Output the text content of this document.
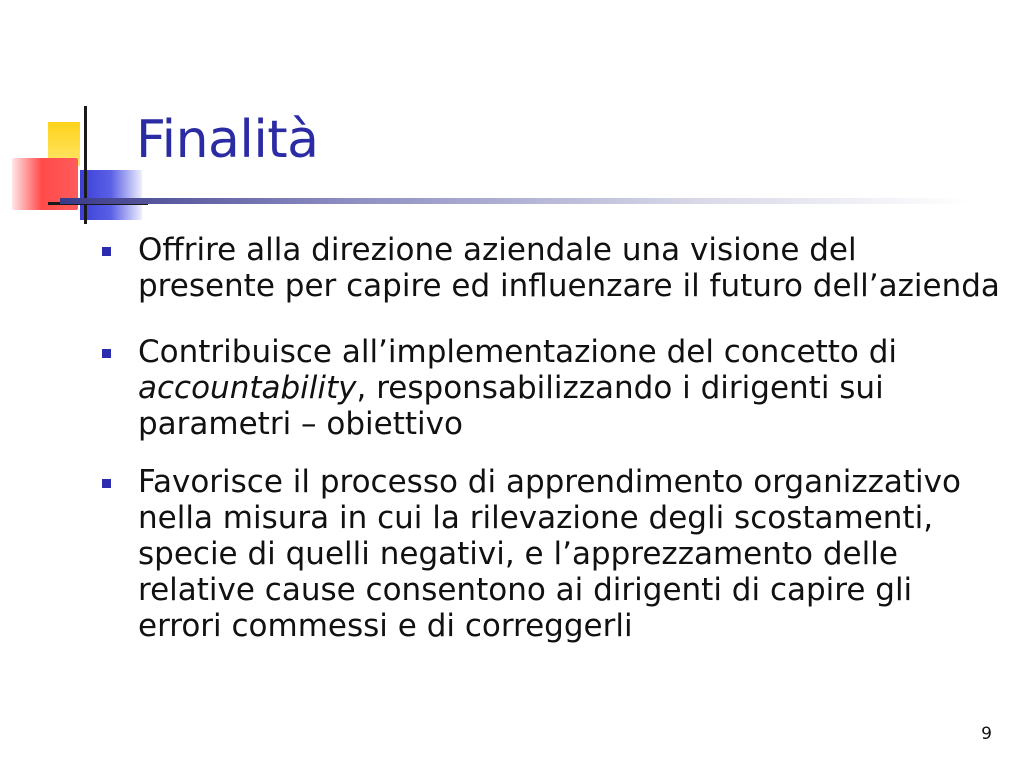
Finalità
Offrire alla direzione aziendale una visione del presente per capire ed influenzare il futuro dell’azienda
Contribuisce all’implementazione del concetto di accountability, responsabilizzando i dirigenti sui parametri – obiettivo
Favorisce il processo di apprendimento organizzativo nella misura in cui la rilevazione degli scostamenti, specie di quelli negativi, e l’apprezzamento delle relative cause consentono ai dirigenti di capire gli errori commessi e di correggerli
9
